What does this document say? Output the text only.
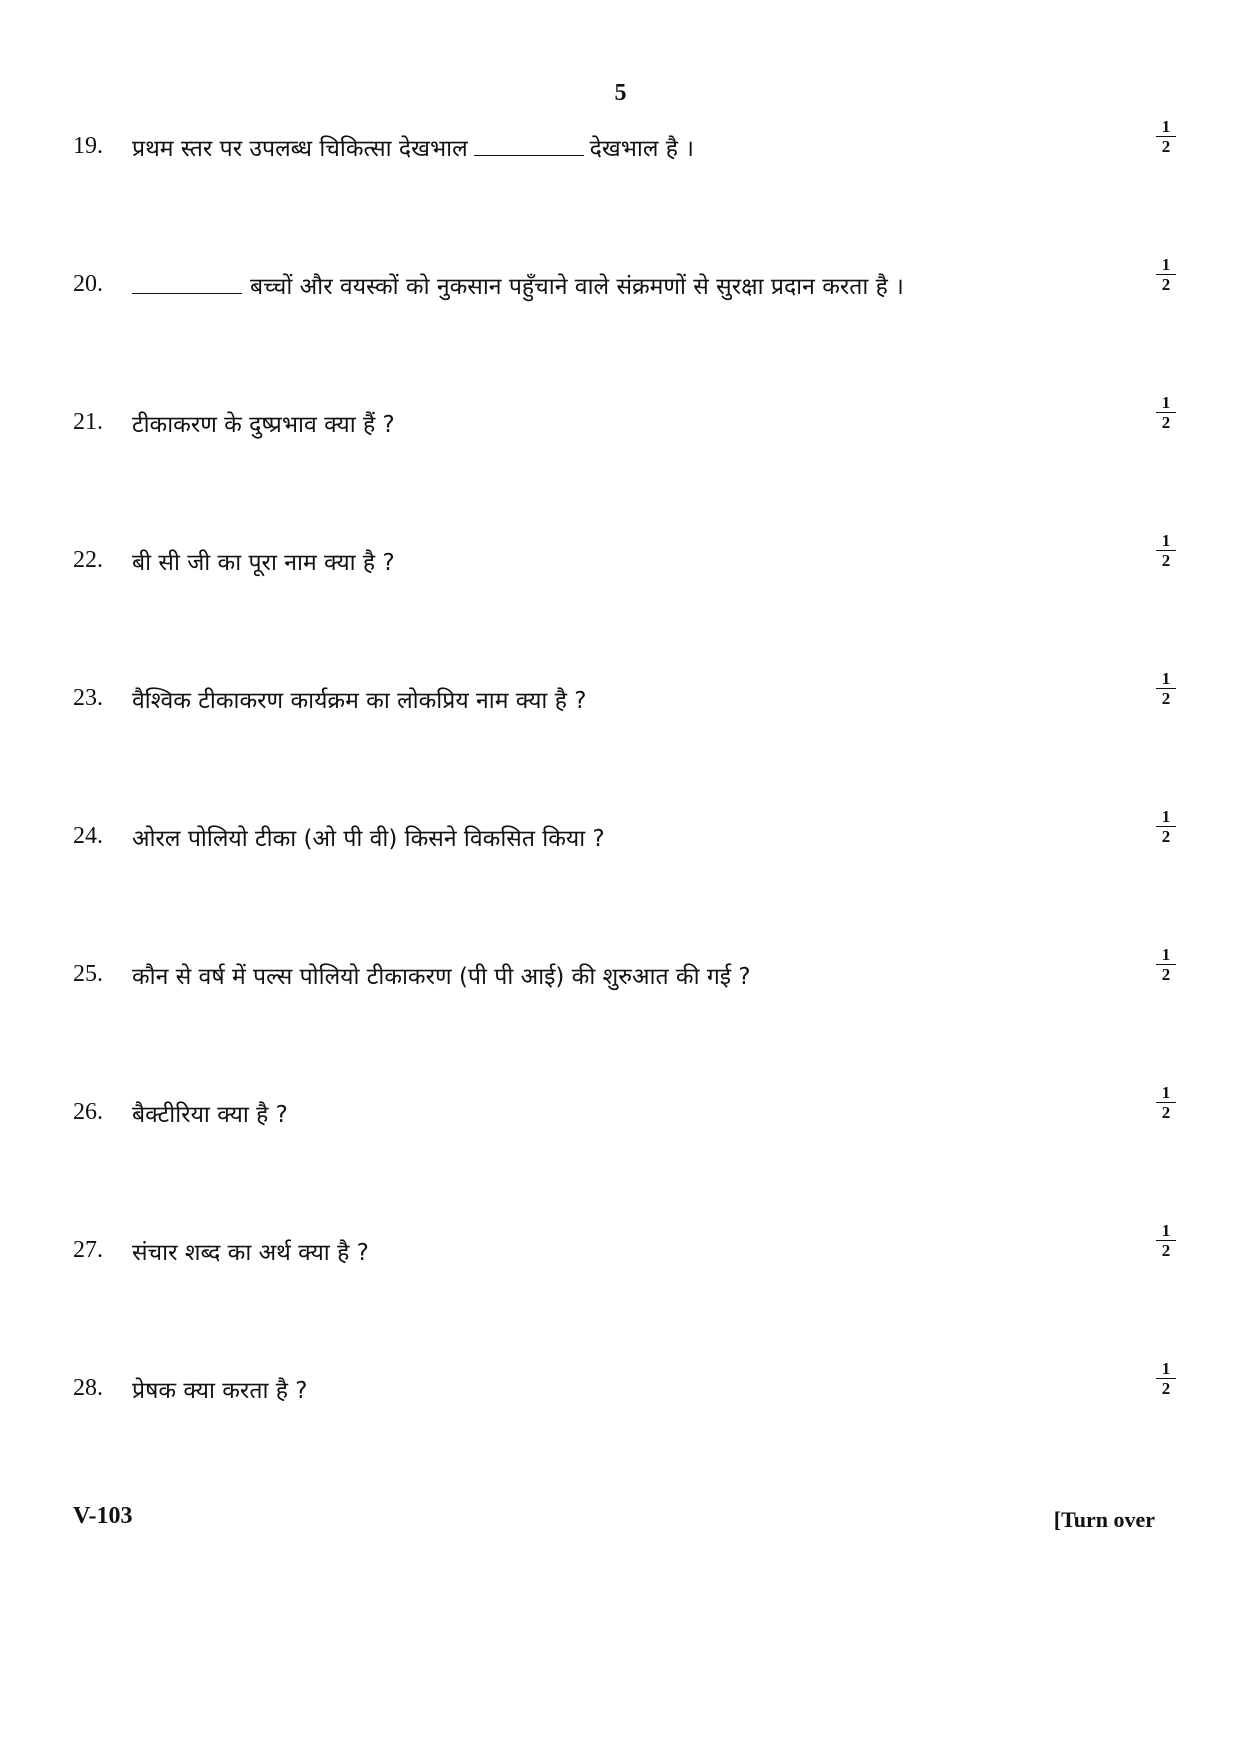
5
19. प्रथम स्तर पर उपलब्ध चिकित्सा देखभाल	देखभाल है ।	$\frac{1}{2}$
20.	बच्चों और वयस्कों को नुकसान पहुँचाने वाले संक्रमणों से सुरक्षा प्रदान करता है ।	$\frac{1}{2}$
21. टीकाकरण के दुष्प्रभाव क्या हैं ?	$\frac{1}{2}$
22. बी सी जी का पूरा नाम क्या है ?	$\frac{1}{2}$
23. वैश्विक टीकाकरण कार्यक्रम का लोकप्रिय नाम क्या है ?	$\frac{1}{2}$
24. ओरल पोलियो टीका (ओ पी वी) किसने विकसित किया ?	$\frac{1}{2}$
25. कौन से वर्ष में पल्स पोलियो टीकाकरण (पी पी आई) की शुरुआत की गई ?	$\frac{1}{2}$
26. बैक्टीरिया क्या है ?	$\frac{1}{2}$
27. संचार शब्द का अर्थ क्या है ?	$\frac{1}{2}$
28. प्रेषक क्या करता है ?	$\frac{1}{2}$
V-103	[Turn over
